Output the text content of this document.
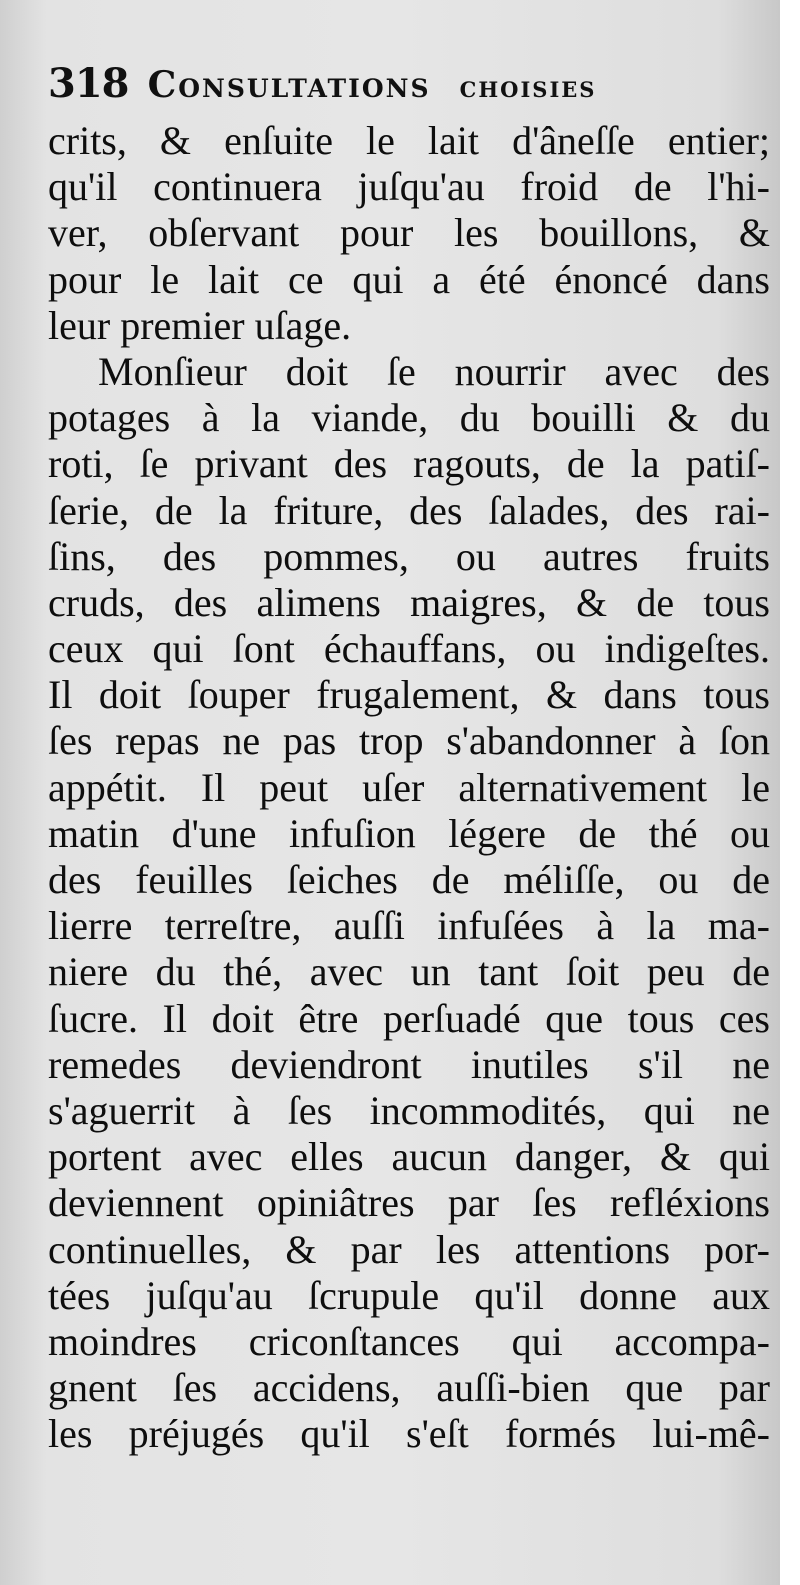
318 Consultations choisies
crits, & enſuite le lait d'âneſſe entier;
qu'il continuera juſqu'au froid de l'hi-
ver, obſervant pour les bouillons, &
pour le lait ce qui a été énoncé dans
leur premier uſage.
Monſieur doit ſe nourrir avec des
potages à la viande, du bouilli & du
roti, ſe privant des ragouts, de la patiſ-
ſerie, de la friture, des ſalades, des rai-
ſins, des pommes, ou autres fruits
cruds, des alimens maigres, & de tous
ceux qui ſont échauffans, ou indigeſtes.
Il doit ſouper frugalement, & dans tous
ſes repas ne pas trop s'abandonner à ſon
appétit. Il peut uſer alternativement le
matin d'une infuſion légere de thé ou
des feuilles ſeiches de méliſſe, ou de
lierre terreſtre, auſſi infuſées à la ma-
niere du thé, avec un tant ſoit peu de
ſucre. Il doit être perſuadé que tous ces
remedes deviendront inutiles s'il ne
s'aguerrit à ſes incommodités, qui ne
portent avec elles aucun danger, & qui
deviennent opiniâtres par ſes refléxions
continuelles, & par les attentions por-
tées juſqu'au ſcrupule qu'il donne aux
moindres criconſtances qui accompa-
gnent ſes accidens, auſſi-bien que par
les préjugés qu'il s'eſt formés lui-mê-
